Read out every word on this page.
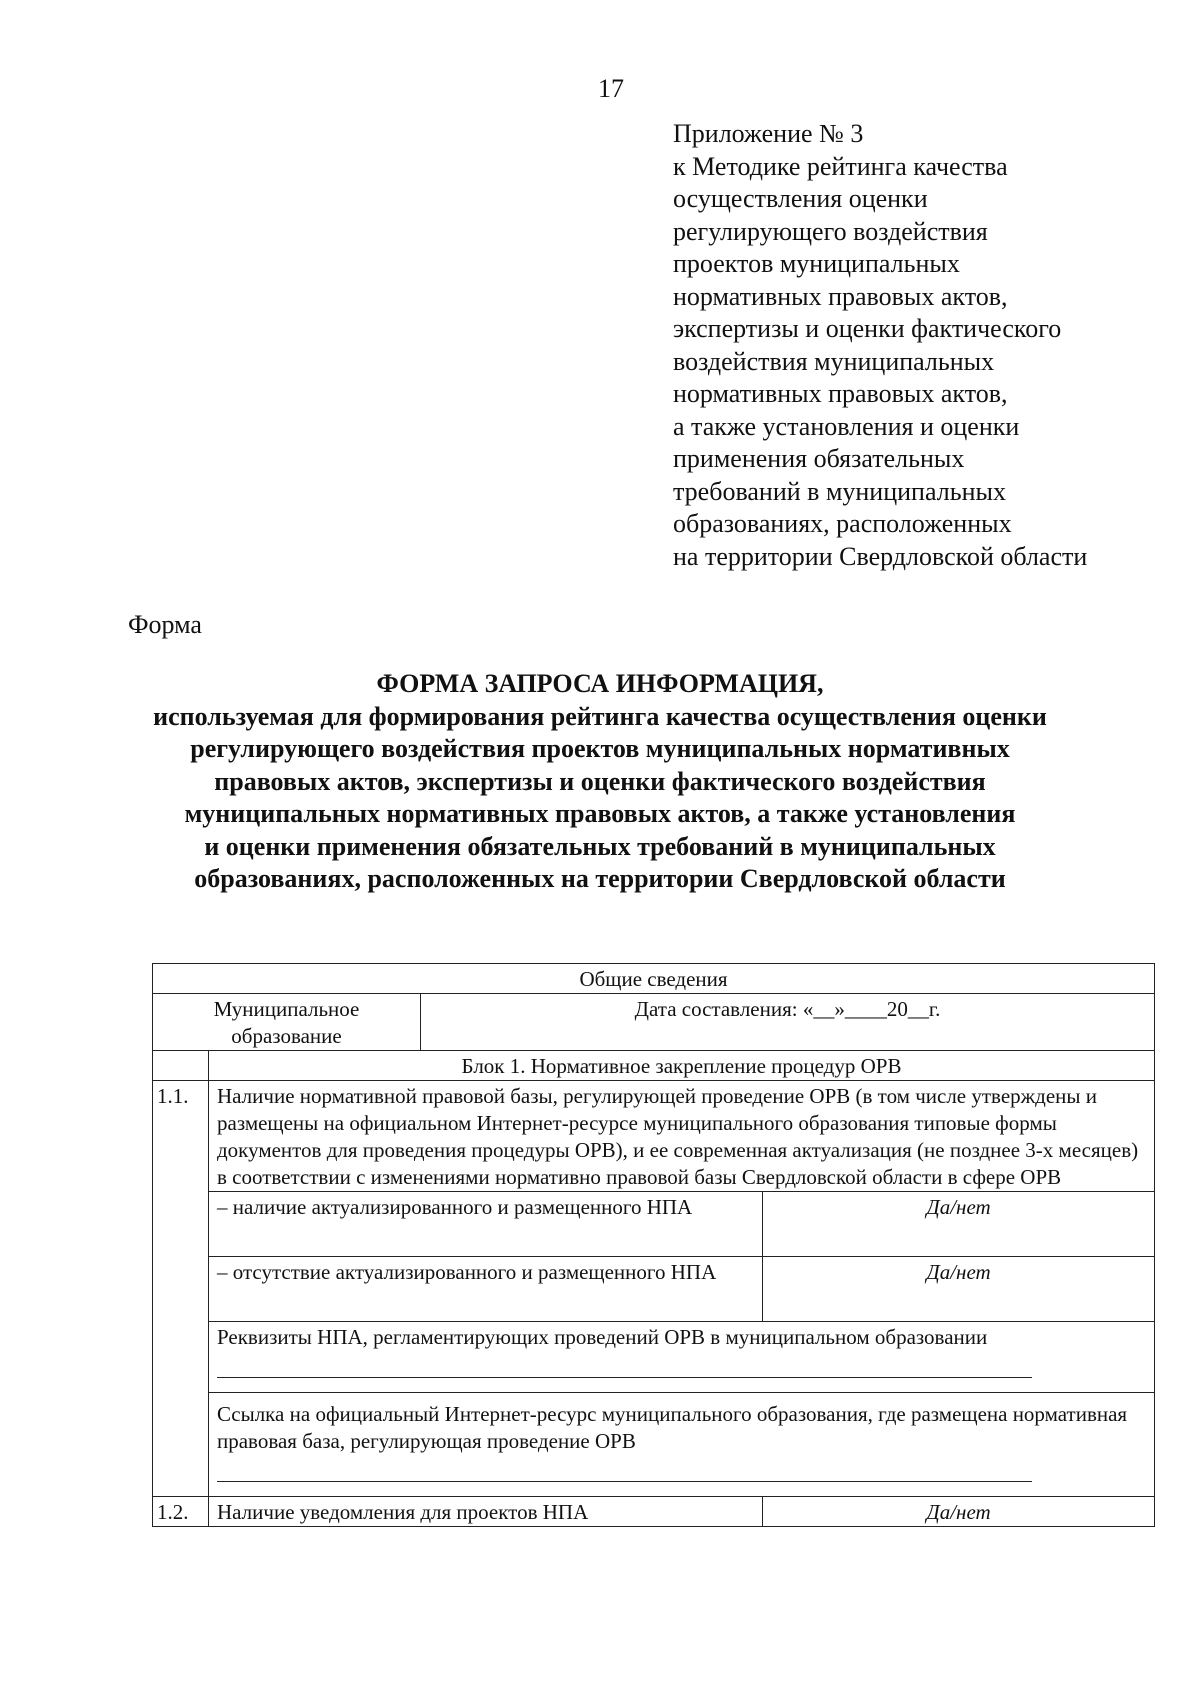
17
Приложение № 3
к Методике рейтинга качества
осуществления оценки
регулирующего воздействия
проектов муниципальных
нормативных правовых актов,
экспертизы и оценки фактического
воздействия муниципальных
нормативных правовых актов,
а также установления и оценки
применения обязательных
требований в муниципальных
образованиях, расположенных
на территории Свердловской области
Форма
ФОРМА ЗАПРОСА ИНФОРМАЦИЯ,
используемая для формирования рейтинга качества осуществления оценки
регулирующего воздействия проектов муниципальных нормативных
правовых актов, экспертизы и оценки фактического воздействия
муниципальных нормативных правовых актов, а также установления
и оценки применения обязательных требований в муниципальных
образованиях, расположенных на территории Свердловской области
Общие сведения			
Муниципальное образование		Дата составления: «__»____20__г.	
	Блок 1. Нормативное закрепление процедур ОРВ		
1.1.	Наличие нормативной правовой базы, регулирующей проведение ОРВ (в том числе утверждены и размещены на официальном Интернет-ресурсе муниципального образования типовые формы документов для проведения процедуры ОРВ), и ее современная актуализация (не позднее 3-х месяцев) в соответствии с изменениями нормативно правовой базы Свердловской области в сфере ОРВ		
	– наличие актуализированного и размещенного НПА		Да/нет
	– отсутствие актуализированного и размещенного НПА		Да/нет

	Реквизиты НПА, регламентирующих проведений ОРВ в муниципальном образовании		

	Ссылка на официальный Интернет-ресурс муниципального образования, где размещена нормативная правовая база, регулирующая проведение ОРВ		

1.2.	Наличие уведомления для проектов НПА		Да/нет
